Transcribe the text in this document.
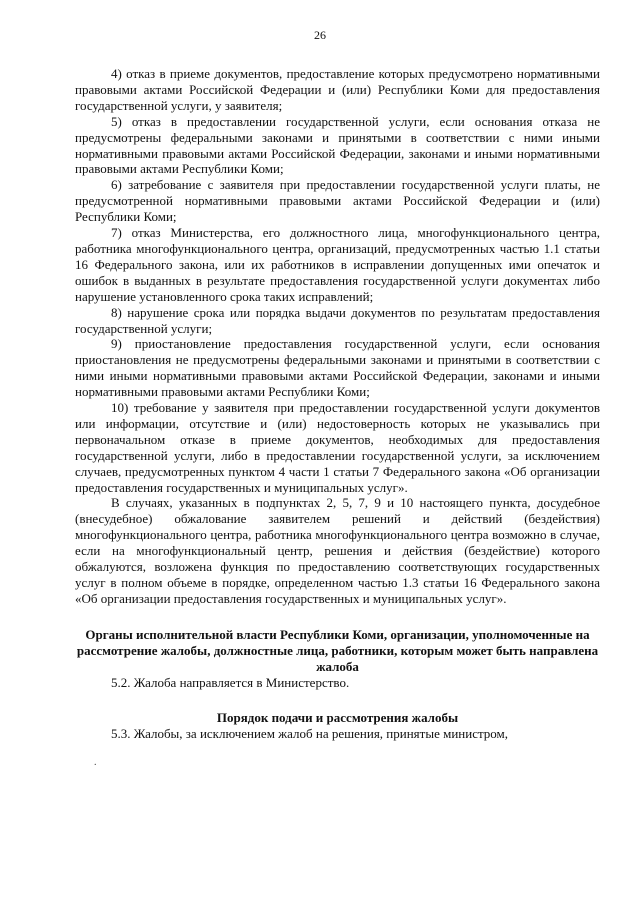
26

4) отказ в приеме документов, предоставление которых предусмотрено нормативными правовыми актами Российской Федерации и (или) Республики Коми для предоставления государственной услуги, у заявителя;

5) отказ в предоставлении государственной услуги, если основания отказа не предусмотрены федеральными законами и принятыми в соответствии с ними иными нормативными правовыми актами Российской Федерации, законами и иными нормативными правовыми актами Республики Коми;

6) затребование с заявителя при предоставлении государственной услуги платы, не предусмотренной нормативными правовыми актами Российской Федерации и (или) Республики Коми;

7) отказ Министерства, его должностного лица, многофункционального центра, работника многофункционального центра, организаций, предусмотренных частью 1.1 статьи 16 Федерального закона, или их работников в исправлении допущенных ими опечаток и ошибок в выданных в результате предоставления государственной услуги документах либо нарушение установленного срока таких исправлений;

8) нарушение срока или порядка выдачи документов по результатам предоставления государственной услуги;

9) приостановление предоставления государственной услуги, если основания приостановления не предусмотрены федеральными законами и принятыми в соответствии с ними иными нормативными правовыми актами Российской Федерации, законами и иными нормативными правовыми актами Республики Коми;

10) требование у заявителя при предоставлении государственной услуги документов или информации, отсутствие и (или) недостоверность которых не указывались при первоначальном отказе в приеме документов, необходимых для предоставления государственной услуги, либо в предоставлении государственной услуги, за исключением случаев, предусмотренных пунктом 4 части 1 статьи 7 Федерального закона «Об организации предоставления государственных и муниципальных услуг».

В случаях, указанных в подпунктах 2, 5, 7, 9 и 10 настоящего пункта, досудебное (внесудебное) обжалование заявителем решений и действий (бездействия) многофункционального центра, работника многофункционального центра возможно в случае, если на многофункциональный центр, решения и действия (бездействие) которого обжалуются, возложена функция по предоставлению соответствующих государственных услуг в полном объеме в порядке, определенном частью 1.3 статьи 16 Федерального закона «Об организации предоставления государственных и муниципальных услуг».

Органы исполнительной власти Республики Коми, организации, уполномоченные на рассмотрение жалобы, должностные лица, работники, которым может быть направлена жалоба

5.2. Жалоба направляется в Министерство.

Порядок подачи и рассмотрения жалобы

5.3. Жалобы, за исключением жалоб на решения, принятые министром,

.
